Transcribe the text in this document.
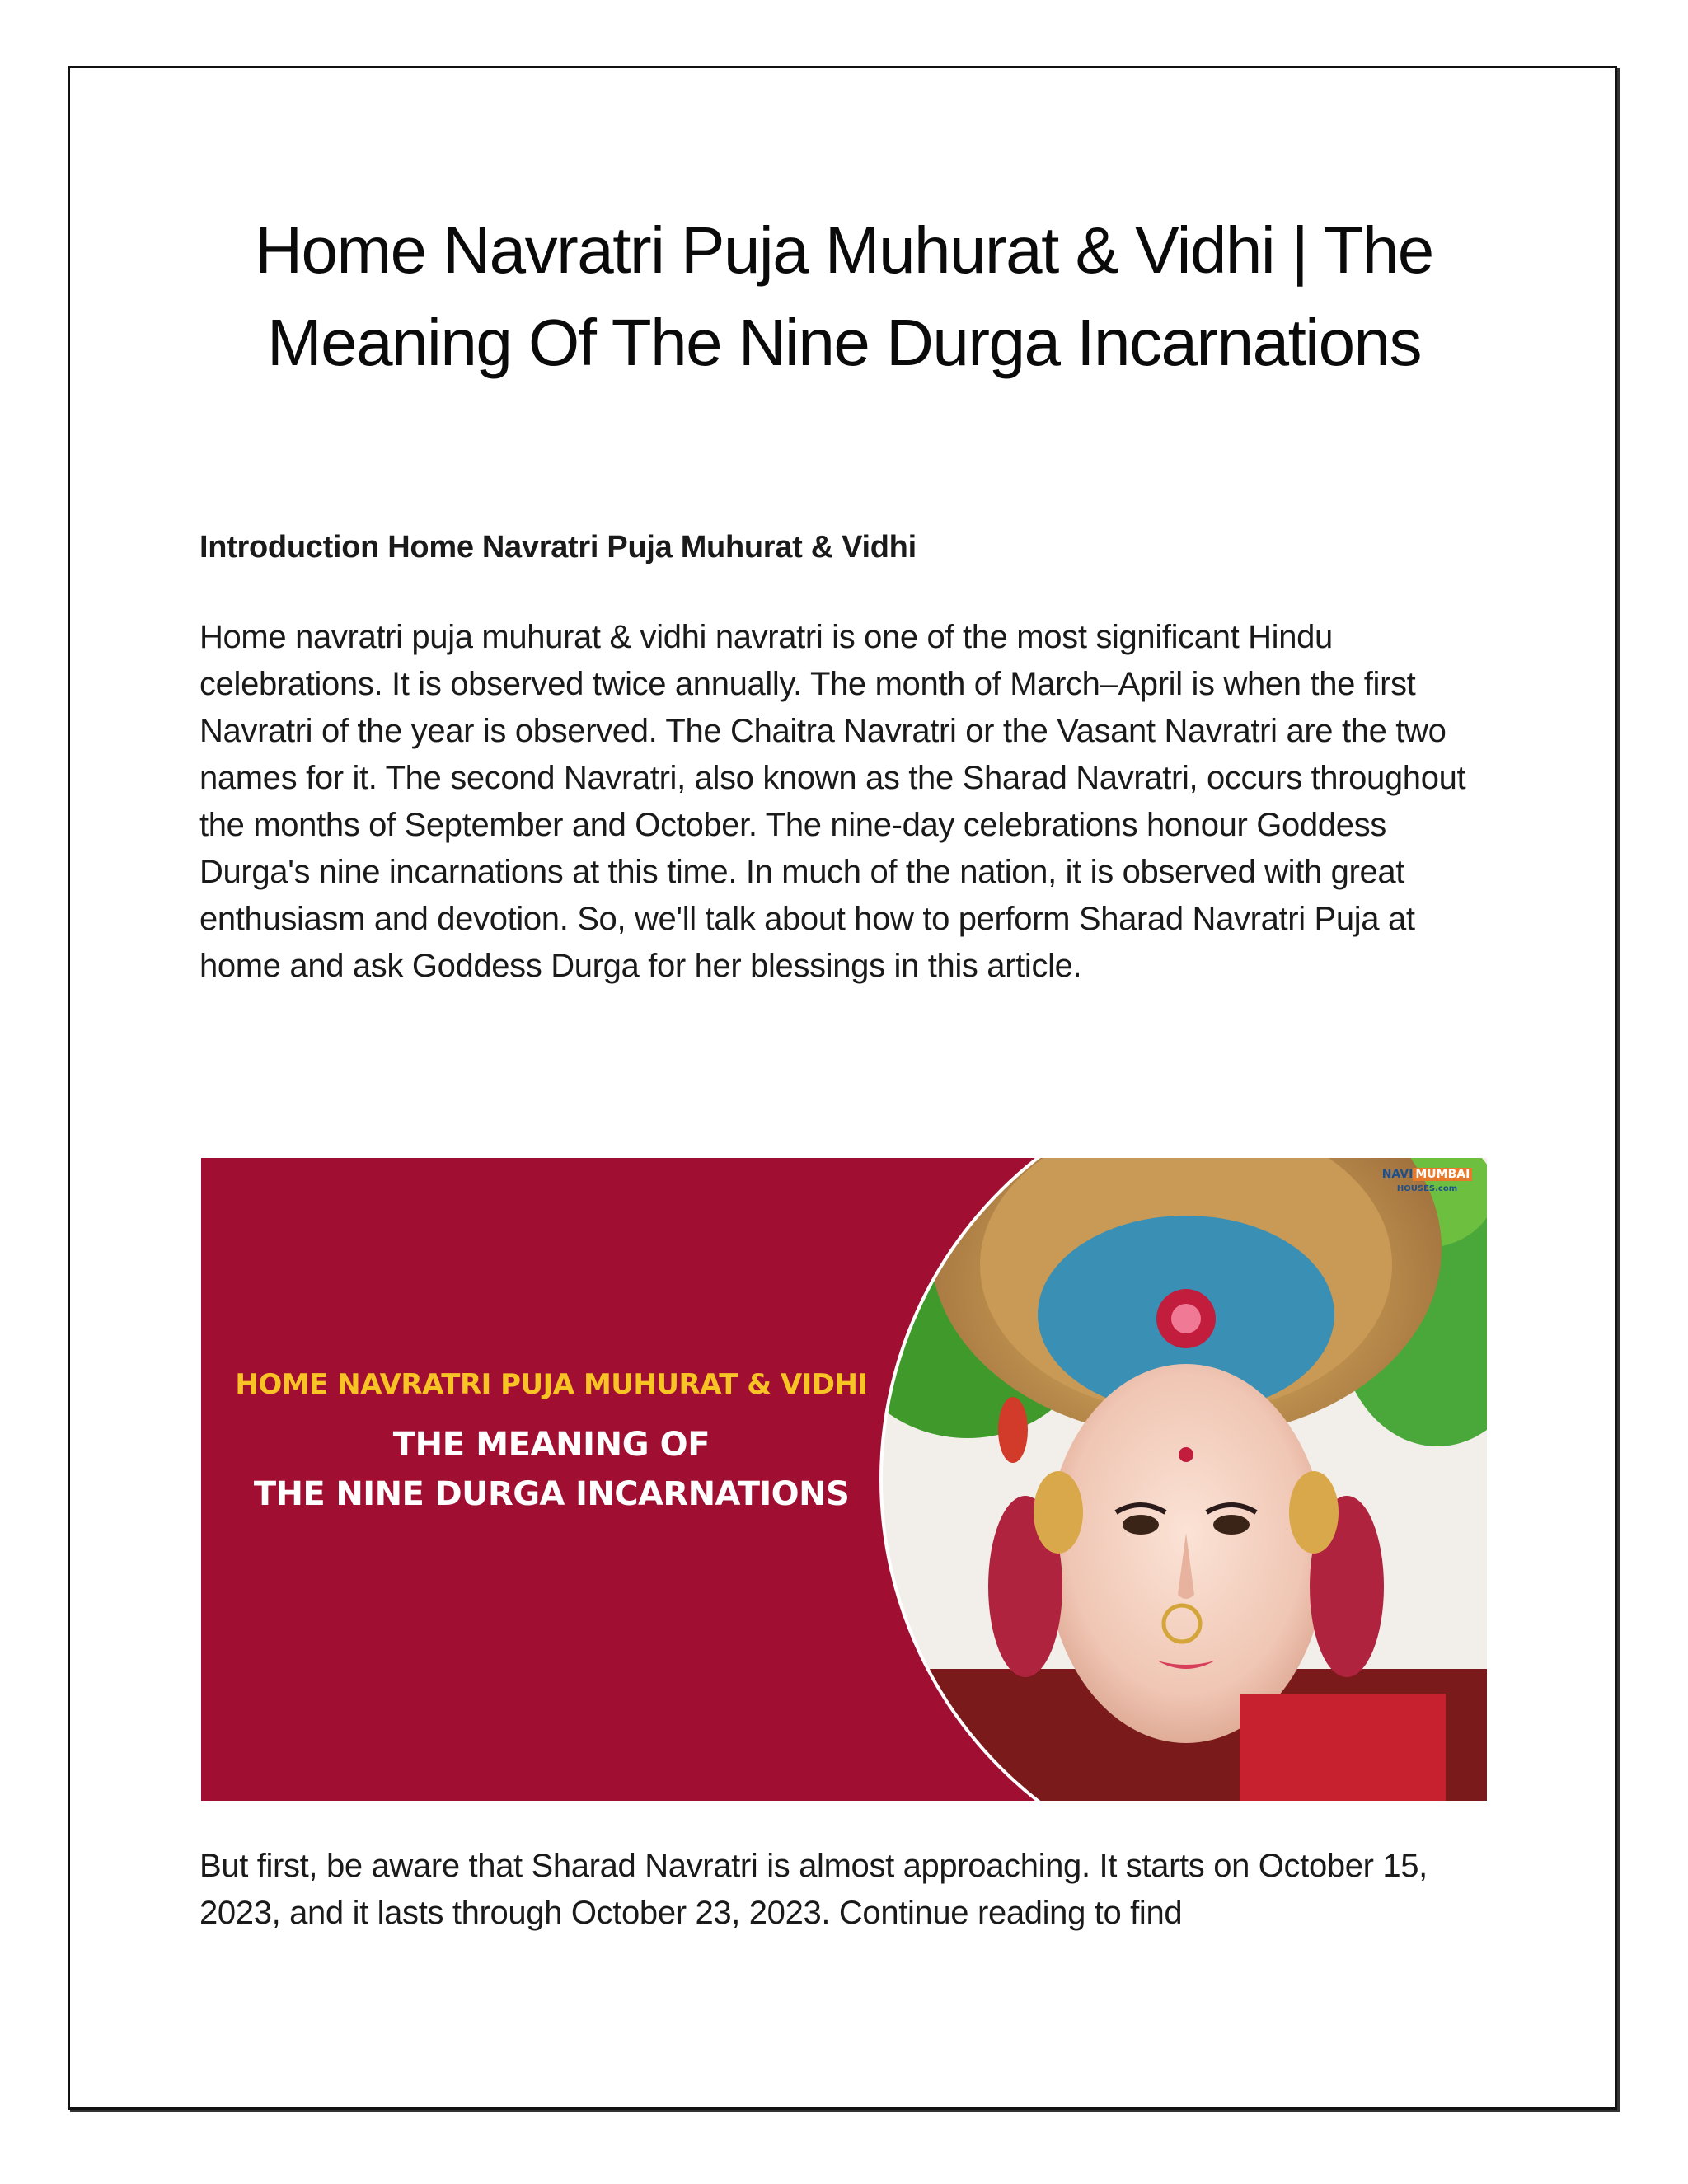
Home Navratri Puja Muhurat & Vidhi | The Meaning Of The Nine Durga Incarnations
Introduction Home Navratri Puja Muhurat & Vidhi

Home navratri puja muhurat & vidhi navratri is one of the most significant Hindu celebrations. It is observed twice annually. The month of March–April is when the first Navratri of the year is observed. The Chaitra Navratri or the Vasant Navratri are the two names for it. The second Navratri, also known as the Sharad Navratri, occurs throughout the months of September and October. The nine-day celebrations honour Goddess Durga's nine incarnations at this time. In much of the nation, it is observed with great enthusiasm and devotion. So, we'll talk about how to perform Sharad Navratri Puja at home and ask Goddess Durga for her blessings in this article.

HOME NAVRATRI PUJA MUHURAT & VIDHI
THE MEANING OF
THE NINE DURGA INCARNATIONS
NAVI MUMBAI
HOUSES.com

But first, be aware that Sharad Navratri is almost approaching. It starts on October 15, 2023, and it lasts through October 23, 2023. Continue reading to find
